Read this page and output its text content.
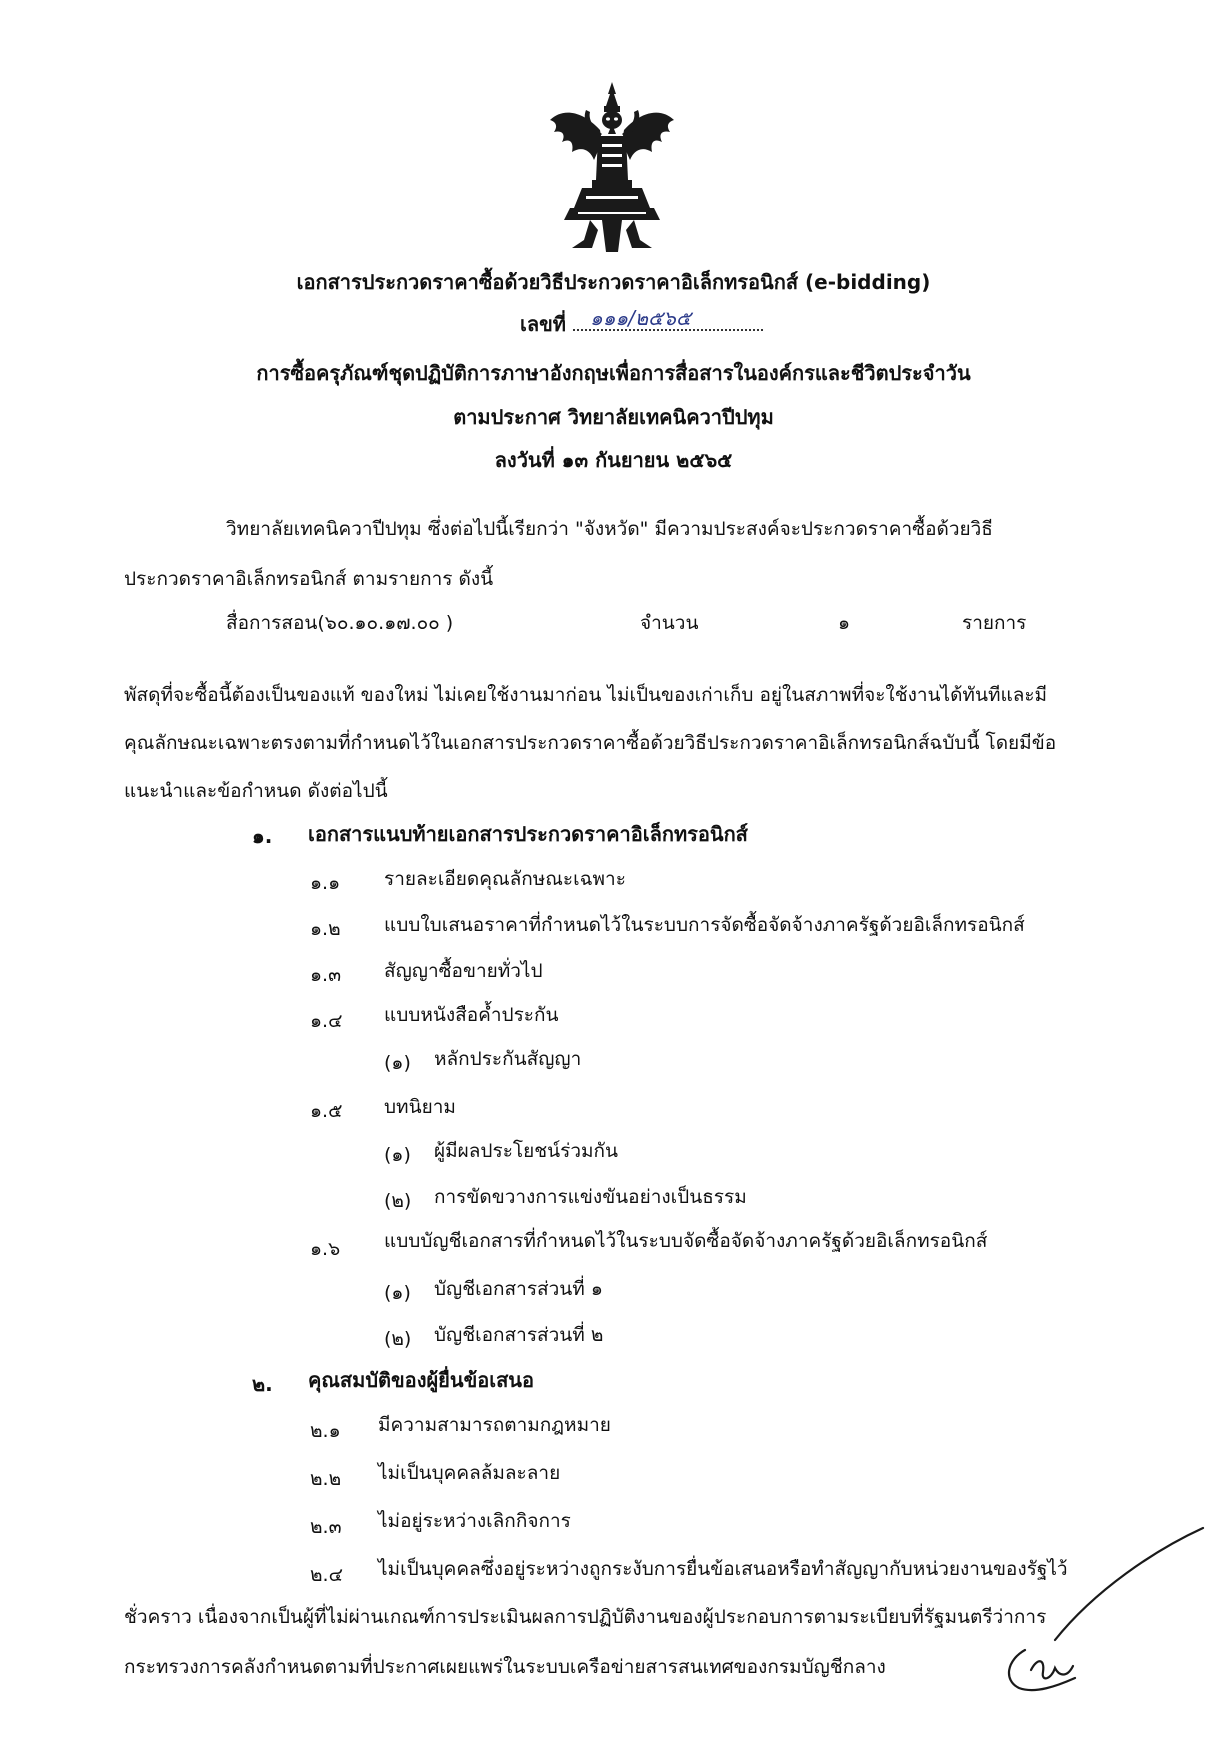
เอกสารประกวดราคาซื้อด้วยวิธีประกวดราคาอิเล็กทรอนิกส์ (e-bidding)
เลขที่	๑๑๑/๒๕๖๕
การซื้อครุภัณฑ์ชุดปฏิบัติการภาษาอังกฤษเพื่อการสื่อสารในองค์กรและชีวิตประจำวัน
ตามประกาศ วิทยาลัยเทคนิควาปีปทุม
ลงวันที่ ๑๓ กันยายน ๒๕๖๕
วิทยาลัยเทคนิควาปีปทุม ซึ่งต่อไปนี้เรียกว่า "จังหวัด" มีความประสงค์จะประกวดราคาซื้อด้วยวิธี
ประกวดราคาอิเล็กทรอนิกส์ ตามรายการ ดังนี้
สื่อการสอน(๖๐.๑๐.๑๗.๐๐ )	จำนวน	๑	รายการ
พัสดุที่จะซื้อนี้ต้องเป็นของแท้ ของใหม่ ไม่เคยใช้งานมาก่อน ไม่เป็นของเก่าเก็บ อยู่ในสภาพที่จะใช้งานได้ทันทีและมี
คุณลักษณะเฉพาะตรงตามที่กำหนดไว้ในเอกสารประกวดราคาซื้อด้วยวิธีประกวดราคาอิเล็กทรอนิกส์ฉบับนี้ โดยมีข้อ
แนะนำและข้อกำหนด ดังต่อไปนี้
๑. เอกสารแนบท้ายเอกสารประกวดราคาอิเล็กทรอนิกส์
๑.๑ รายละเอียดคุณลักษณะเฉพาะ
๑.๒ แบบใบเสนอราคาที่กำหนดไว้ในระบบการจัดซื้อจัดจ้างภาครัฐด้วยอิเล็กทรอนิกส์
๑.๓ สัญญาซื้อขายทั่วไป
๑.๔ แบบหนังสือค้ำประกัน
(๑) หลักประกันสัญญา
๑.๕ บทนิยาม
(๑) ผู้มีผลประโยชน์ร่วมกัน
(๒) การขัดขวางการแข่งขันอย่างเป็นธรรม
๑.๖ แบบบัญชีเอกสารที่กำหนดไว้ในระบบจัดซื้อจัดจ้างภาครัฐด้วยอิเล็กทรอนิกส์
(๑) บัญชีเอกสารส่วนที่ ๑
(๒) บัญชีเอกสารส่วนที่ ๒
๒. คุณสมบัติของผู้ยื่นข้อเสนอ
๒.๑ มีความสามารถตามกฎหมาย
๒.๒ ไม่เป็นบุคคลล้มละลาย
๒.๓ ไม่อยู่ระหว่างเลิกกิจการ
๒.๔ ไม่เป็นบุคคลซึ่งอยู่ระหว่างถูกระงับการยื่นข้อเสนอหรือทำสัญญากับหน่วยงานของรัฐไว้
ชั่วคราว เนื่องจากเป็นผู้ที่ไม่ผ่านเกณฑ์การประเมินผลการปฏิบัติงานของผู้ประกอบการตามระเบียบที่รัฐมนตรีว่าการ
กระทรวงการคลังกำหนดตามที่ประกาศเผยแพร่ในระบบเครือข่ายสารสนเทศของกรมบัญชีกลาง
